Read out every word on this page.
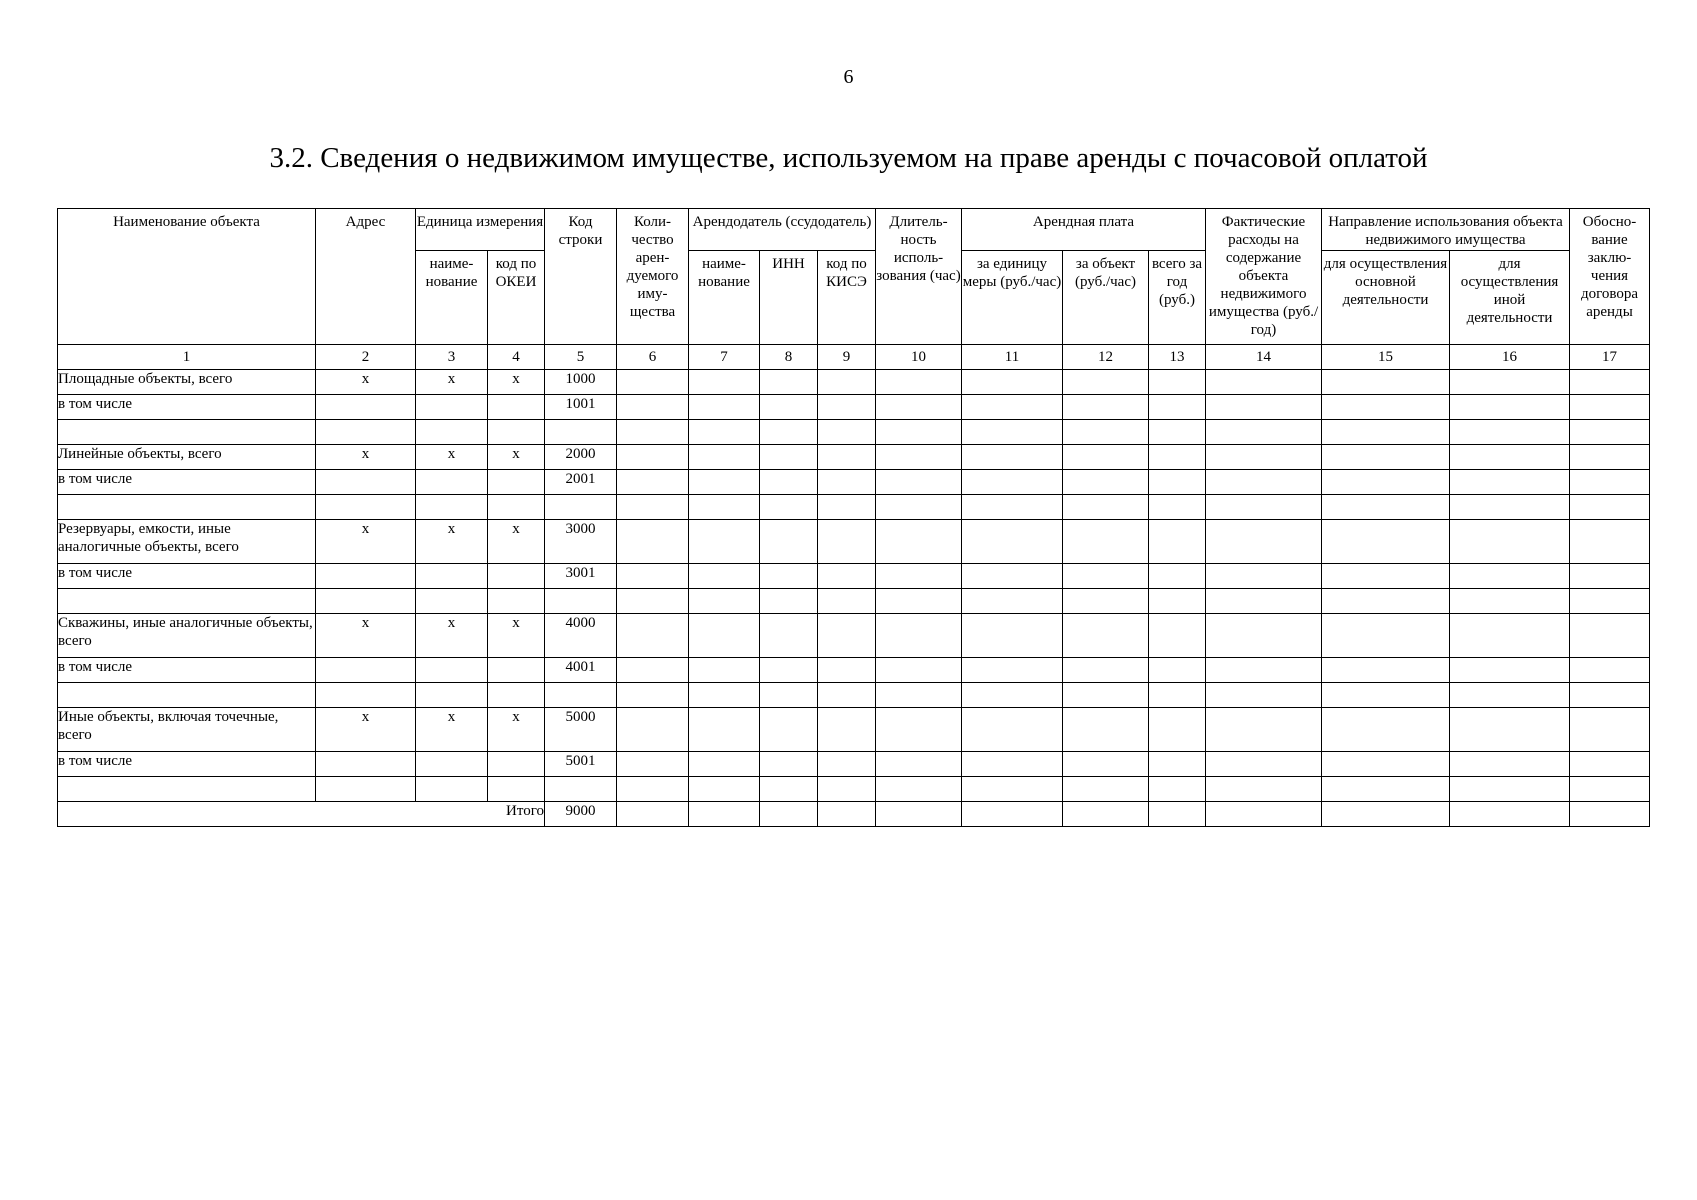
6
3.2. Сведения о недвижимом имуществе, используемом на праве аренды с почасовой оплатой
Наименование объекта	Адрес	Единица измерения		Код строки	Коли-чество арен-дуемого иму-щества	Арендодатель (ссудодатель)			Длитель-ность исполь-зования (час)	Арендная плата			Фактические расходы на содержание объекта недвижимого имущества (руб./год)	Направление использования объекта недвижимого имущества		Обосно-вание заклю-чения договора аренды
		наиме-нование	код по ОКЕИ			наиме-нование	ИНН	код по КИСЭ		за единицу меры (руб./час)	за объект (руб./час)	всего за год (руб.)		для осуществления основной деятельности	для осуществления иной деятельности	
1	2	3	4	5	6	7	8	9	10	11	12	13	14	15	16	17
Площадные объекты, всего	х	х	х	1000												
в том числе				1001												

Линейные объекты, всего	х	х	х	2000												
в том числе				2001												

Резервуары, емкости, иные аналогичные объекты, всего	х	х	х	3000												
в том числе				3001												

Скважины, иные аналогичные объекты, всего	х	х	х	4000												
в том числе				4001												

Иные объекты, включая точечные, всего	х	х	х	5000												
в том числе				5001												

Итого				9000												
